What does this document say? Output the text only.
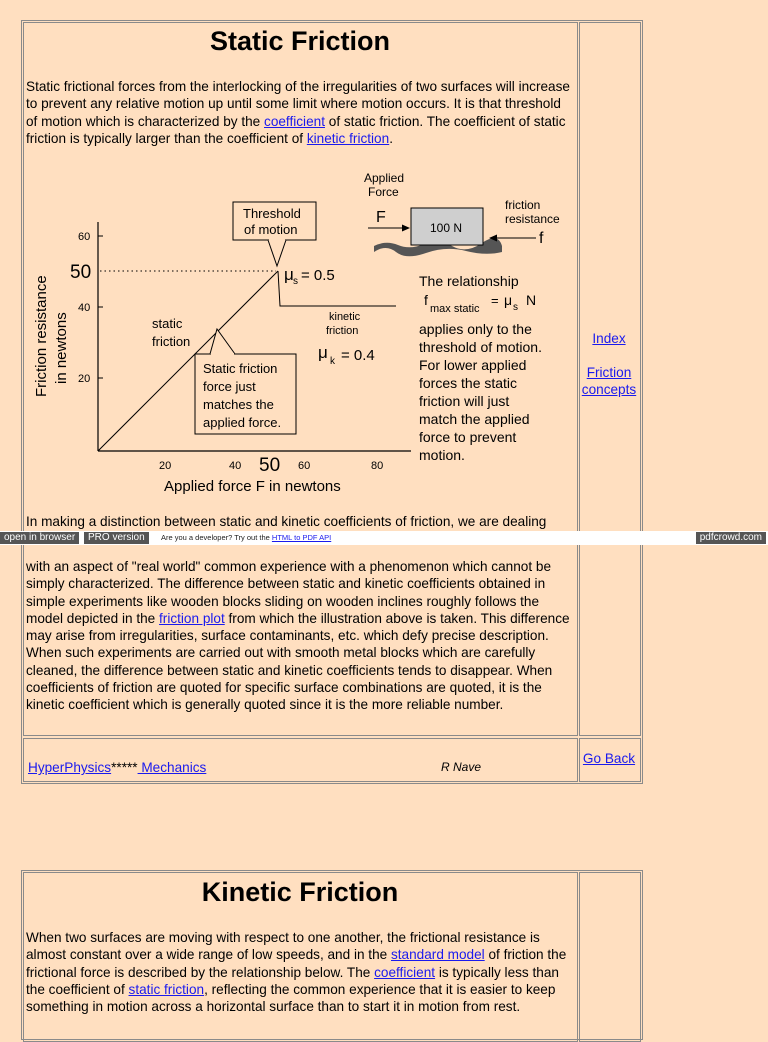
Static Friction
Static frictional forces from the interlocking of the irregularities of two surfaces will increase to prevent any relative motion up until some limit where motion occurs. It is that threshold of motion which is characterized by the coefficient of static friction. The coefficient of static friction is typically larger than the coefficient of kinetic friction.
60
50
40
20
20	40 50 60	80
Friction resistance in newtons
Applied force F in newtons
Threshold
of motion
μ s = 0.5
kinetic
friction
μ k = 0.4
static
friction
Static friction
force just
matches the
applied force.
The relationship
f
max static
= μ s N
applies only to the
threshold of motion.
For lower applied
forces the static
friction will just
match the applied
force to prevent
motion.
Applied
Force
F
100 N
friction
resistance
f
In making a distinction between static and kinetic coefficients of friction, we are dealing
open in browser	PRO version	Are you a developer? Try out the HTML to PDF API	pdfcrowd.com
with an aspect of "real world" common experience with a phenomenon which cannot be simply characterized. The difference between static and kinetic coefficients obtained in simple experiments like wooden blocks sliding on wooden inclines roughly follows the model depicted in the friction plot from which the illustration above is taken. This difference may arise from irregularities, surface contaminants, etc. which defy precise description. When such experiments are carried out with smooth metal blocks which are carefully cleaned, the difference between static and kinetic coefficients tends to disappear. When coefficients of friction are quoted for specific surface combinations are quoted, it is the kinetic coefficient which is generally quoted since it is the more reliable number.
Index
Friction concepts
HyperPhysics***** Mechanics	R Nave
Go Back
Kinetic Friction
When two surfaces are moving with respect to one another, the frictional resistance is almost constant over a wide range of low speeds, and in the standard model of friction the frictional force is described by the relationship below. The coefficient is typically less than the coefficient of static friction, reflecting the common experience that it is easier to keep something in motion across a horizontal surface than to start it in motion from rest.
